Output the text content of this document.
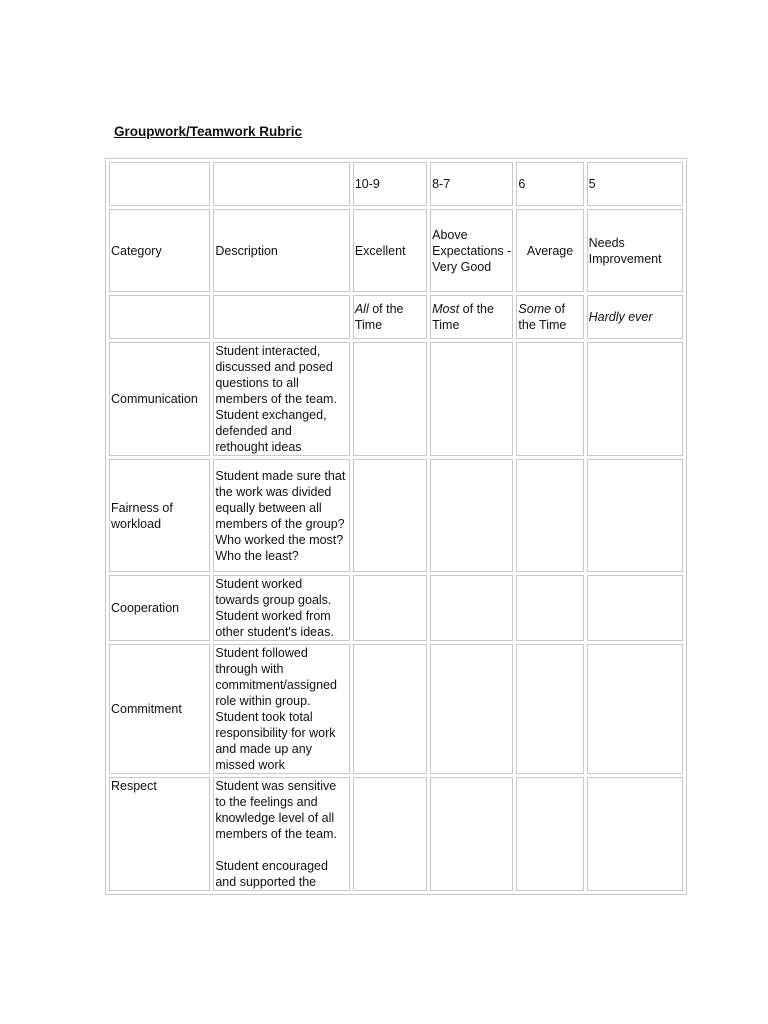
Groupwork/Teamwork Rubric
		10-9	8-7	6	5
Category	Description	Excellent	Above Expectations - Very Good	Average	Needs Improvement
		All of the Time	Most of the Time	Some of the Time	Hardly ever
Communication	Student interacted, discussed and posed questions to all members of the team. Student exchanged, defended and rethought ideas				
Fairness of workload	Student made sure that the work was divided equally between all members of the group? Who worked the most? Who the least?				
Cooperation	Student worked towards group goals. Student worked from other student's ideas.				
Commitment	Student followed through with commitment/assigned role within group. Student took total responsibility for work and made up any missed work				
Respect	Student was sensitive to the feelings and knowledge level of all members of the team.
Student encouraged and supported the				
